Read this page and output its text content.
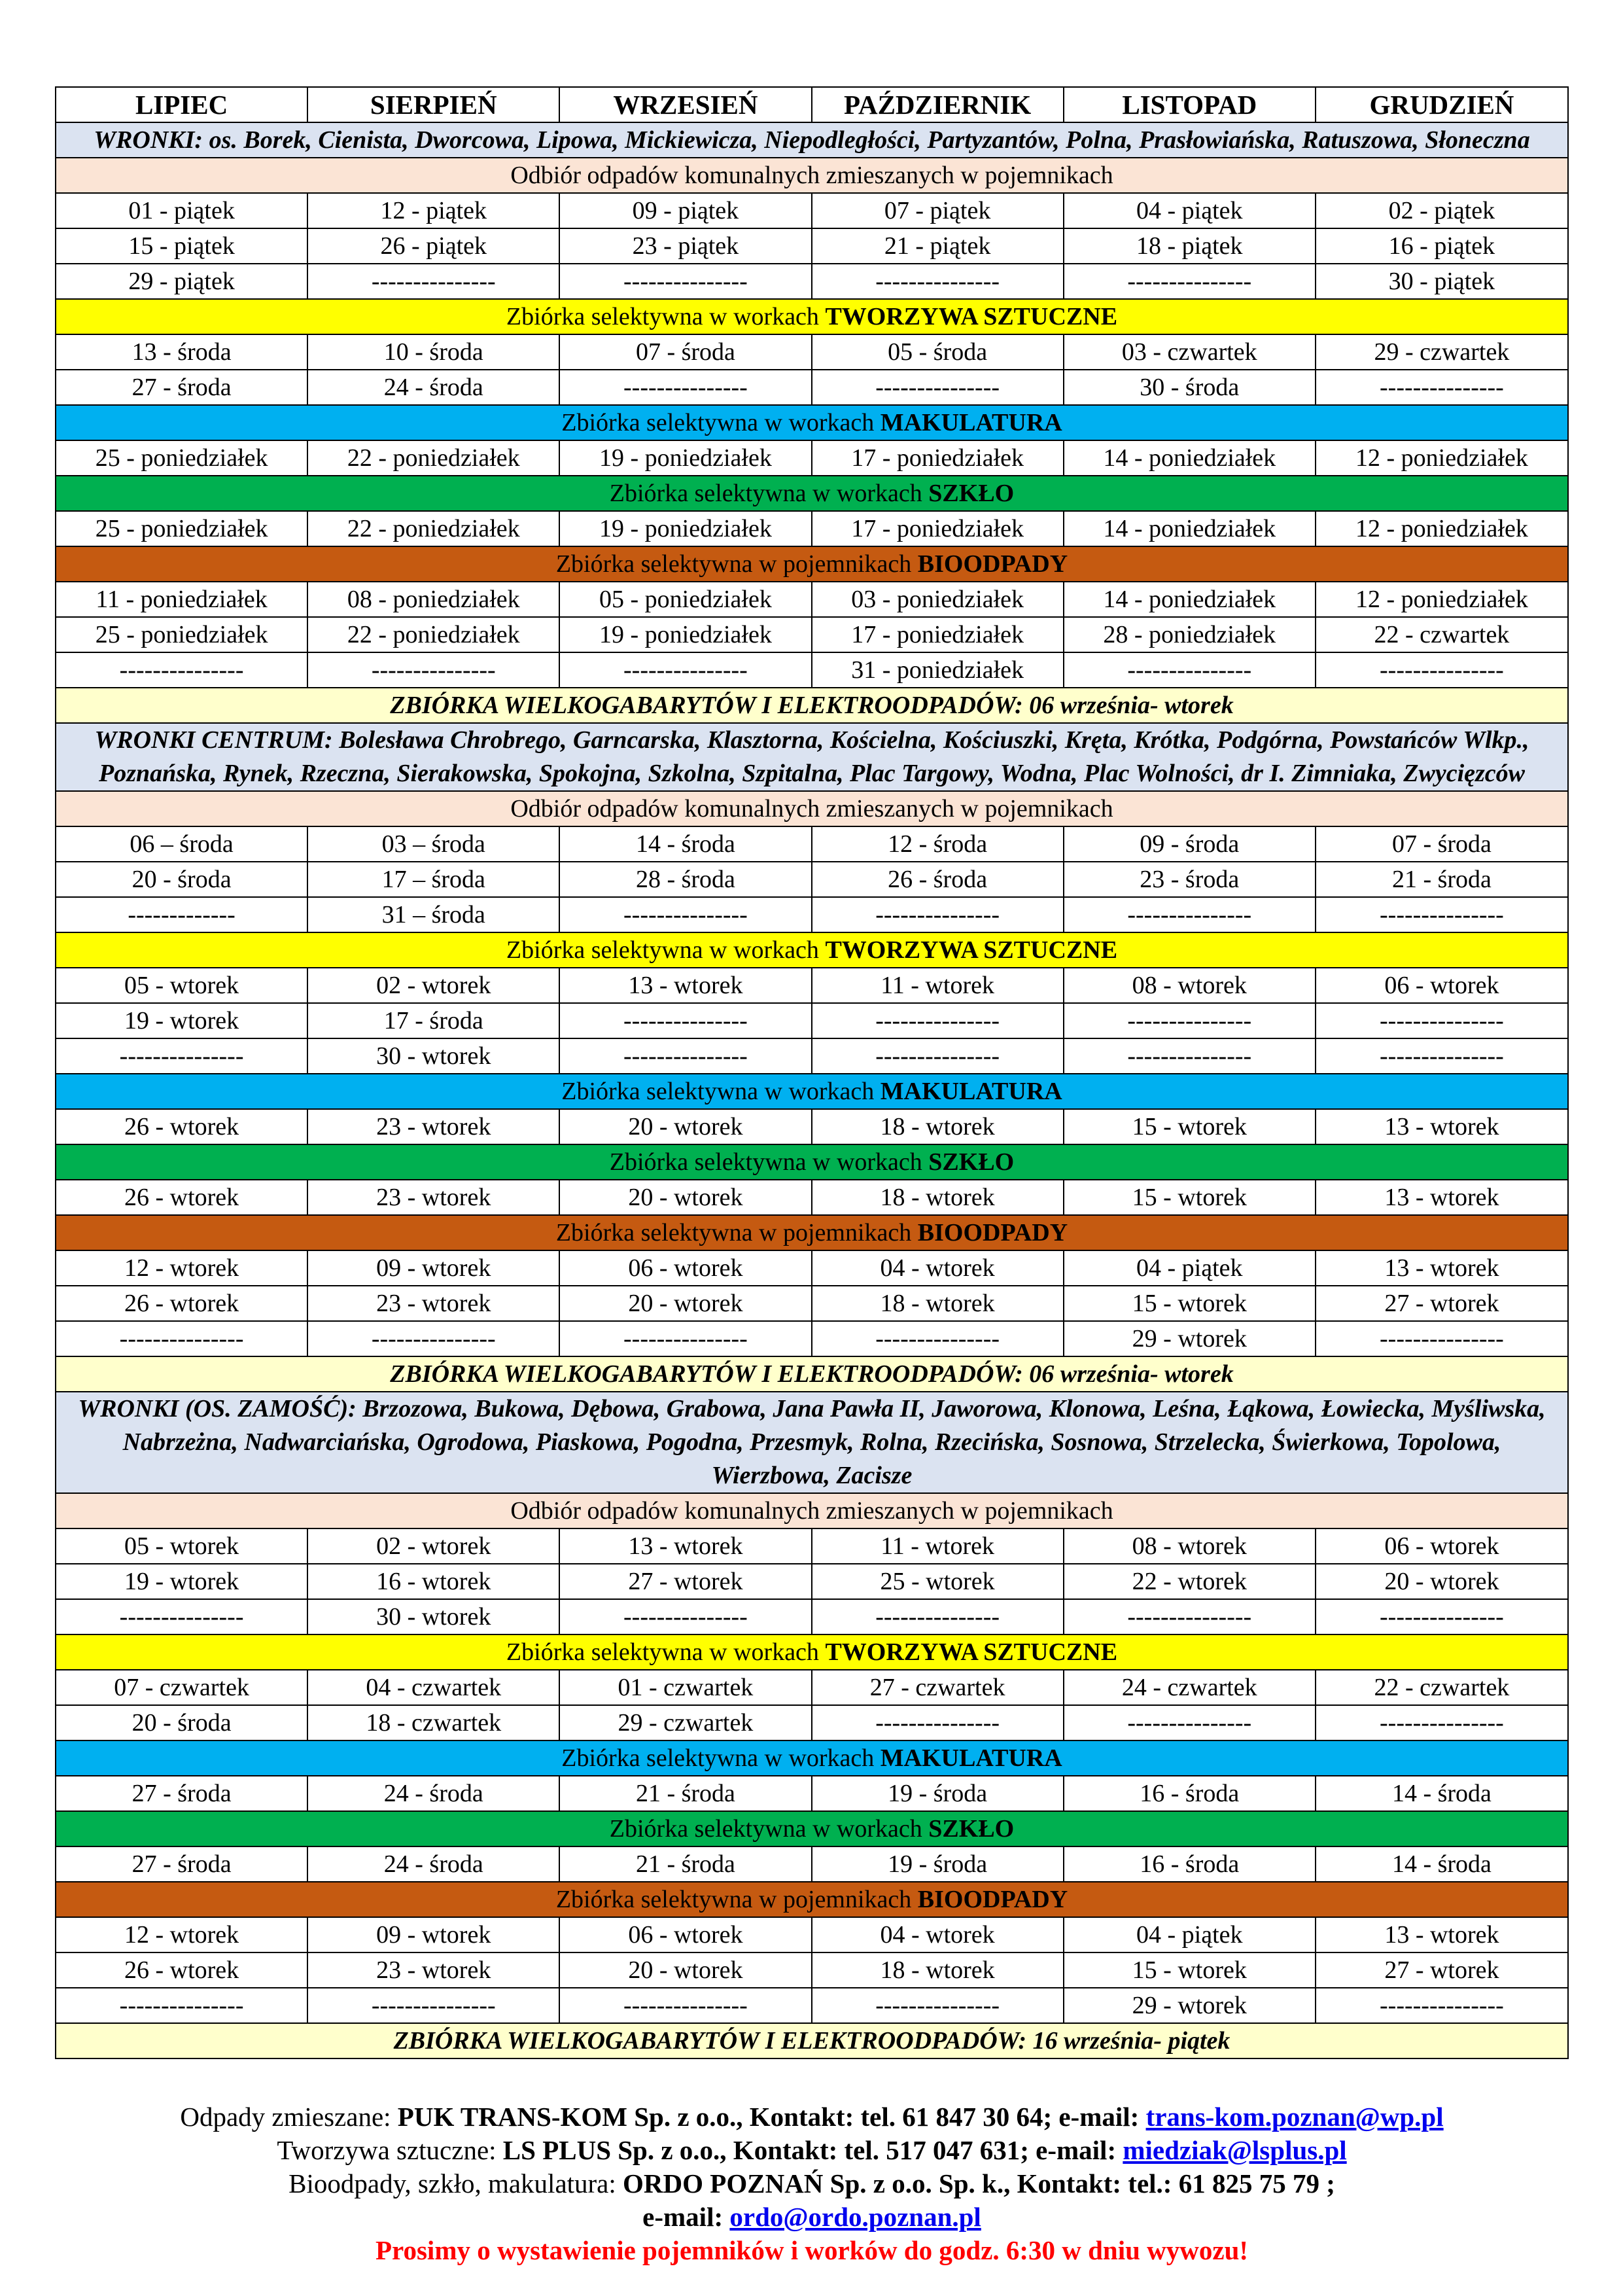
LIPIEC	SIERPIEŃ	WRZESIEŃ	PAŹDZIERNIK	LISTOPAD	GRUDZIEŃ
WRONKI: os. Borek, Cienista, Dworcowa, Lipowa, Mickiewicza, Niepodległości, Partyzantów, Polna, Prasłowiańska, Ratuszowa, Słoneczna					
Odbiór odpadów komunalnych zmieszanych w pojemnikach					
01 - piątek	12 - piątek	09 - piątek	07 - piątek	04 - piątek	02 - piątek
15 - piątek	26 - piątek	23 - piątek	21 - piątek	18 - piątek	16 - piątek
29 - piątek	---------------	---------------	---------------	---------------	30 - piątek
Zbiórka selektywna w workach TWORZYWA SZTUCZNE					
13 - środa	10 - środa	07 - środa	05 - środa	03 - czwartek	29 - czwartek
27 - środa	24 - środa	---------------	---------------	30 - środa	---------------
Zbiórka selektywna w workach MAKULATURA					
25 - poniedziałek	22 - poniedziałek	19 - poniedziałek	17 - poniedziałek	14 - poniedziałek	12 - poniedziałek
Zbiórka selektywna w workach SZKŁO					
25 - poniedziałek	22 - poniedziałek	19 - poniedziałek	17 - poniedziałek	14 - poniedziałek	12 - poniedziałek
Zbiórka selektywna w pojemnikach BIOODPADY					
11 - poniedziałek	08 - poniedziałek	05 - poniedziałek	03 - poniedziałek	14 - poniedziałek	12 - poniedziałek
25 - poniedziałek	22 - poniedziałek	19 - poniedziałek	17 - poniedziałek	28 - poniedziałek	22 - czwartek
---------------	---------------	---------------	31 - poniedziałek	---------------	---------------
ZBIÓRKA WIELKOGABARYTÓW I ELEKTROODPADÓW: 06 września- wtorek					
WRONKI CENTRUM: Bolesława Chrobrego, Garncarska, Klasztorna, Kościelna, Kościuszki, Kręta, Krótka, Podgórna, Powstańców Wlkp., Poznańska, Rynek, Rzeczna, Sierakowska, Spokojna, Szkolna, Szpitalna, Plac Targowy, Wodna, Plac Wolności, dr I. Zimniaka, Zwycięzców					
Odbiór odpadów komunalnych zmieszanych w pojemnikach					
06 – środa	03 – środa	14 - środa	12 - środa	09 - środa	07 - środa
20 - środa	17 – środa	28 - środa	26 - środa	23 - środa	21 - środa
-------------	31 – środa	---------------	---------------	---------------	---------------
Zbiórka selektywna w workach TWORZYWA SZTUCZNE					
05 - wtorek	02 - wtorek	13 - wtorek	11 - wtorek	08 - wtorek	06 - wtorek
19 - wtorek	17 - środa	---------------	---------------	---------------	---------------
---------------	30 - wtorek	---------------	---------------	---------------	---------------
Zbiórka selektywna w workach MAKULATURA					
26 - wtorek	23 - wtorek	20 - wtorek	18 - wtorek	15 - wtorek	13 - wtorek
Zbiórka selektywna w workach SZKŁO					
26 - wtorek	23 - wtorek	20 - wtorek	18 - wtorek	15 - wtorek	13 - wtorek
Zbiórka selektywna w pojemnikach BIOODPADY					
12 - wtorek	09 - wtorek	06 - wtorek	04 - wtorek	04 - piątek	13 - wtorek
26 - wtorek	23 - wtorek	20 - wtorek	18 - wtorek	15 - wtorek	27 - wtorek
---------------	---------------	---------------	---------------	29 - wtorek	---------------
ZBIÓRKA WIELKOGABARYTÓW I ELEKTROODPADÓW: 06 września- wtorek					
WRONKI (OS. ZAMOŚĆ): Brzozowa, Bukowa, Dębowa, Grabowa, Jana Pawła II, Jaworowa, Klonowa, Leśna, Łąkowa, Łowiecka, Myśliwska, Nabrzeżna, Nadwarciańska, Ogrodowa, Piaskowa, Pogodna, Przesmyk, Rolna, Rzecińska, Sosnowa, Strzelecka, Świerkowa, Topolowa, Wierzbowa, Zacisze					
Odbiór odpadów komunalnych zmieszanych w pojemnikach					
05 - wtorek	02 - wtorek	13 - wtorek	11 - wtorek	08 - wtorek	06 - wtorek
19 - wtorek	16 - wtorek	27 - wtorek	25 - wtorek	22 - wtorek	20 - wtorek
---------------	30 - wtorek	---------------	---------------	---------------	---------------
Zbiórka selektywna w workach TWORZYWA SZTUCZNE					
07 - czwartek	04 - czwartek	01 - czwartek	27 - czwartek	24 - czwartek	22 - czwartek
20 - środa	18 - czwartek	29 - czwartek	---------------	---------------	---------------
Zbiórka selektywna w workach MAKULATURA					
27 - środa	24 - środa	21 - środa	19 - środa	16 - środa	14 - środa
Zbiórka selektywna w workach SZKŁO					
27 - środa	24 - środa	21 - środa	19 - środa	16 - środa	14 - środa
Zbiórka selektywna w pojemnikach BIOODPADY					
12 - wtorek	09 - wtorek	06 - wtorek	04 - wtorek	04 - piątek	13 - wtorek
26 - wtorek	23 - wtorek	20 - wtorek	18 - wtorek	15 - wtorek	27 - wtorek
---------------	---------------	---------------	---------------	29 - wtorek	---------------
ZBIÓRKA WIELKOGABARYTÓW I ELEKTROODPADÓW: 16 września- piątek					
Odpady zmieszane: PUK TRANS-KOM Sp. z o.o., Kontakt: tel. 61 847 30 64; e-mail: trans-kom.poznan@wp.pl
Tworzywa sztuczne: LS PLUS Sp. z o.o., Kontakt: tel. 517 047 631; e-mail: miedziak@lsplus.pl
Bioodpady, szkło, makulatura: ORDO POZNAŃ Sp. z o.o. Sp. k., Kontakt: tel.: 61 825 75 79 ;
e-mail: ordo@ordo.poznan.pl
Prosimy o wystawienie pojemników i worków do godz. 6:30 w dniu wywozu!
